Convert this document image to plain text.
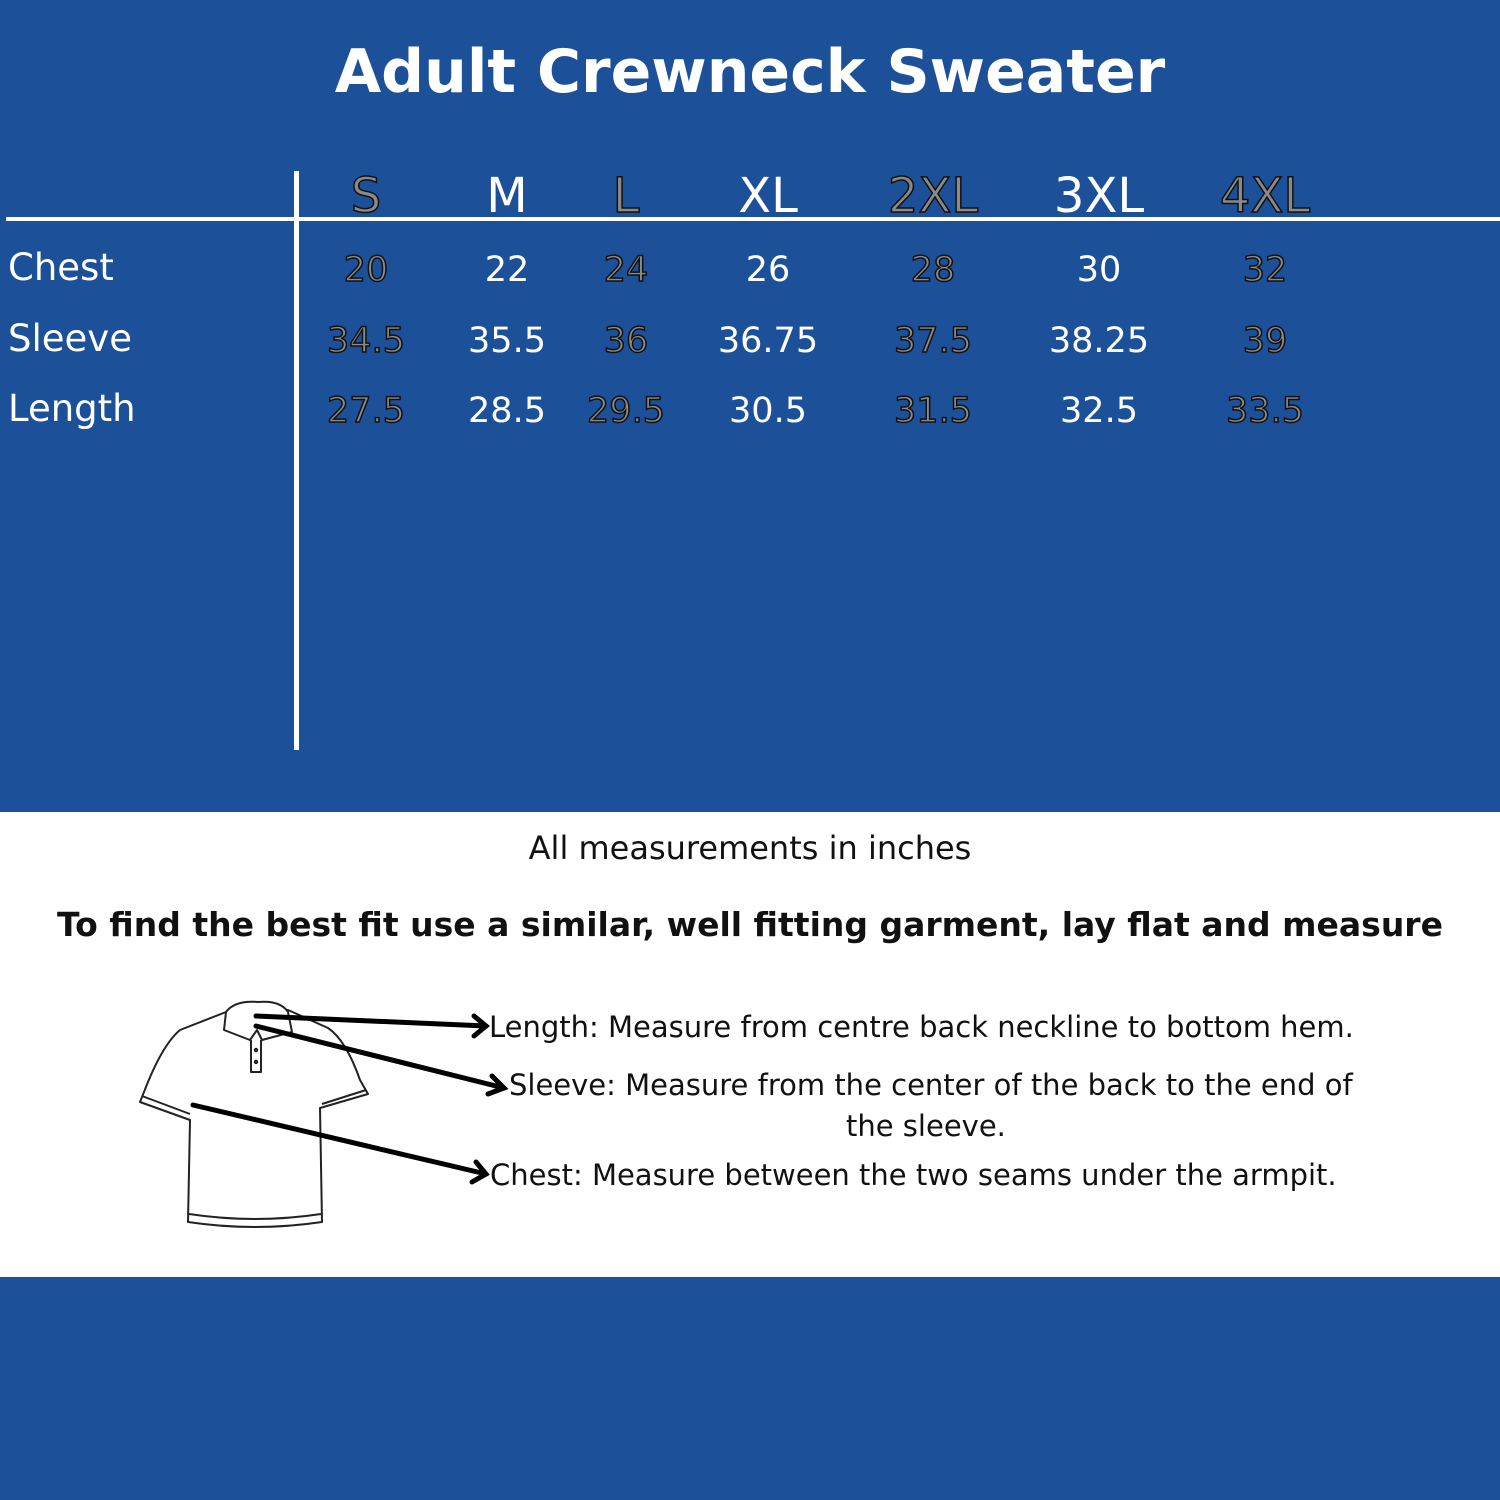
Adult Crewneck Sweater
S	M	L	XL	2XL	3XL	4XL
Chest	20	22	24	26	28	30	32
Sleeve	34.5	35.5	36	36.75	37.5	38.25	39
Length	27.5	28.5	29.5	30.5	31.5	32.5	33.5
All measurements in inches
To find the best fit use a similar, well fitting garment, lay flat and measure
Length: Measure from centre back neckline to bottom hem.
Sleeve: Measure from the center of the back to the end of
the sleeve.
Chest: Measure between the two seams under the armpit.
